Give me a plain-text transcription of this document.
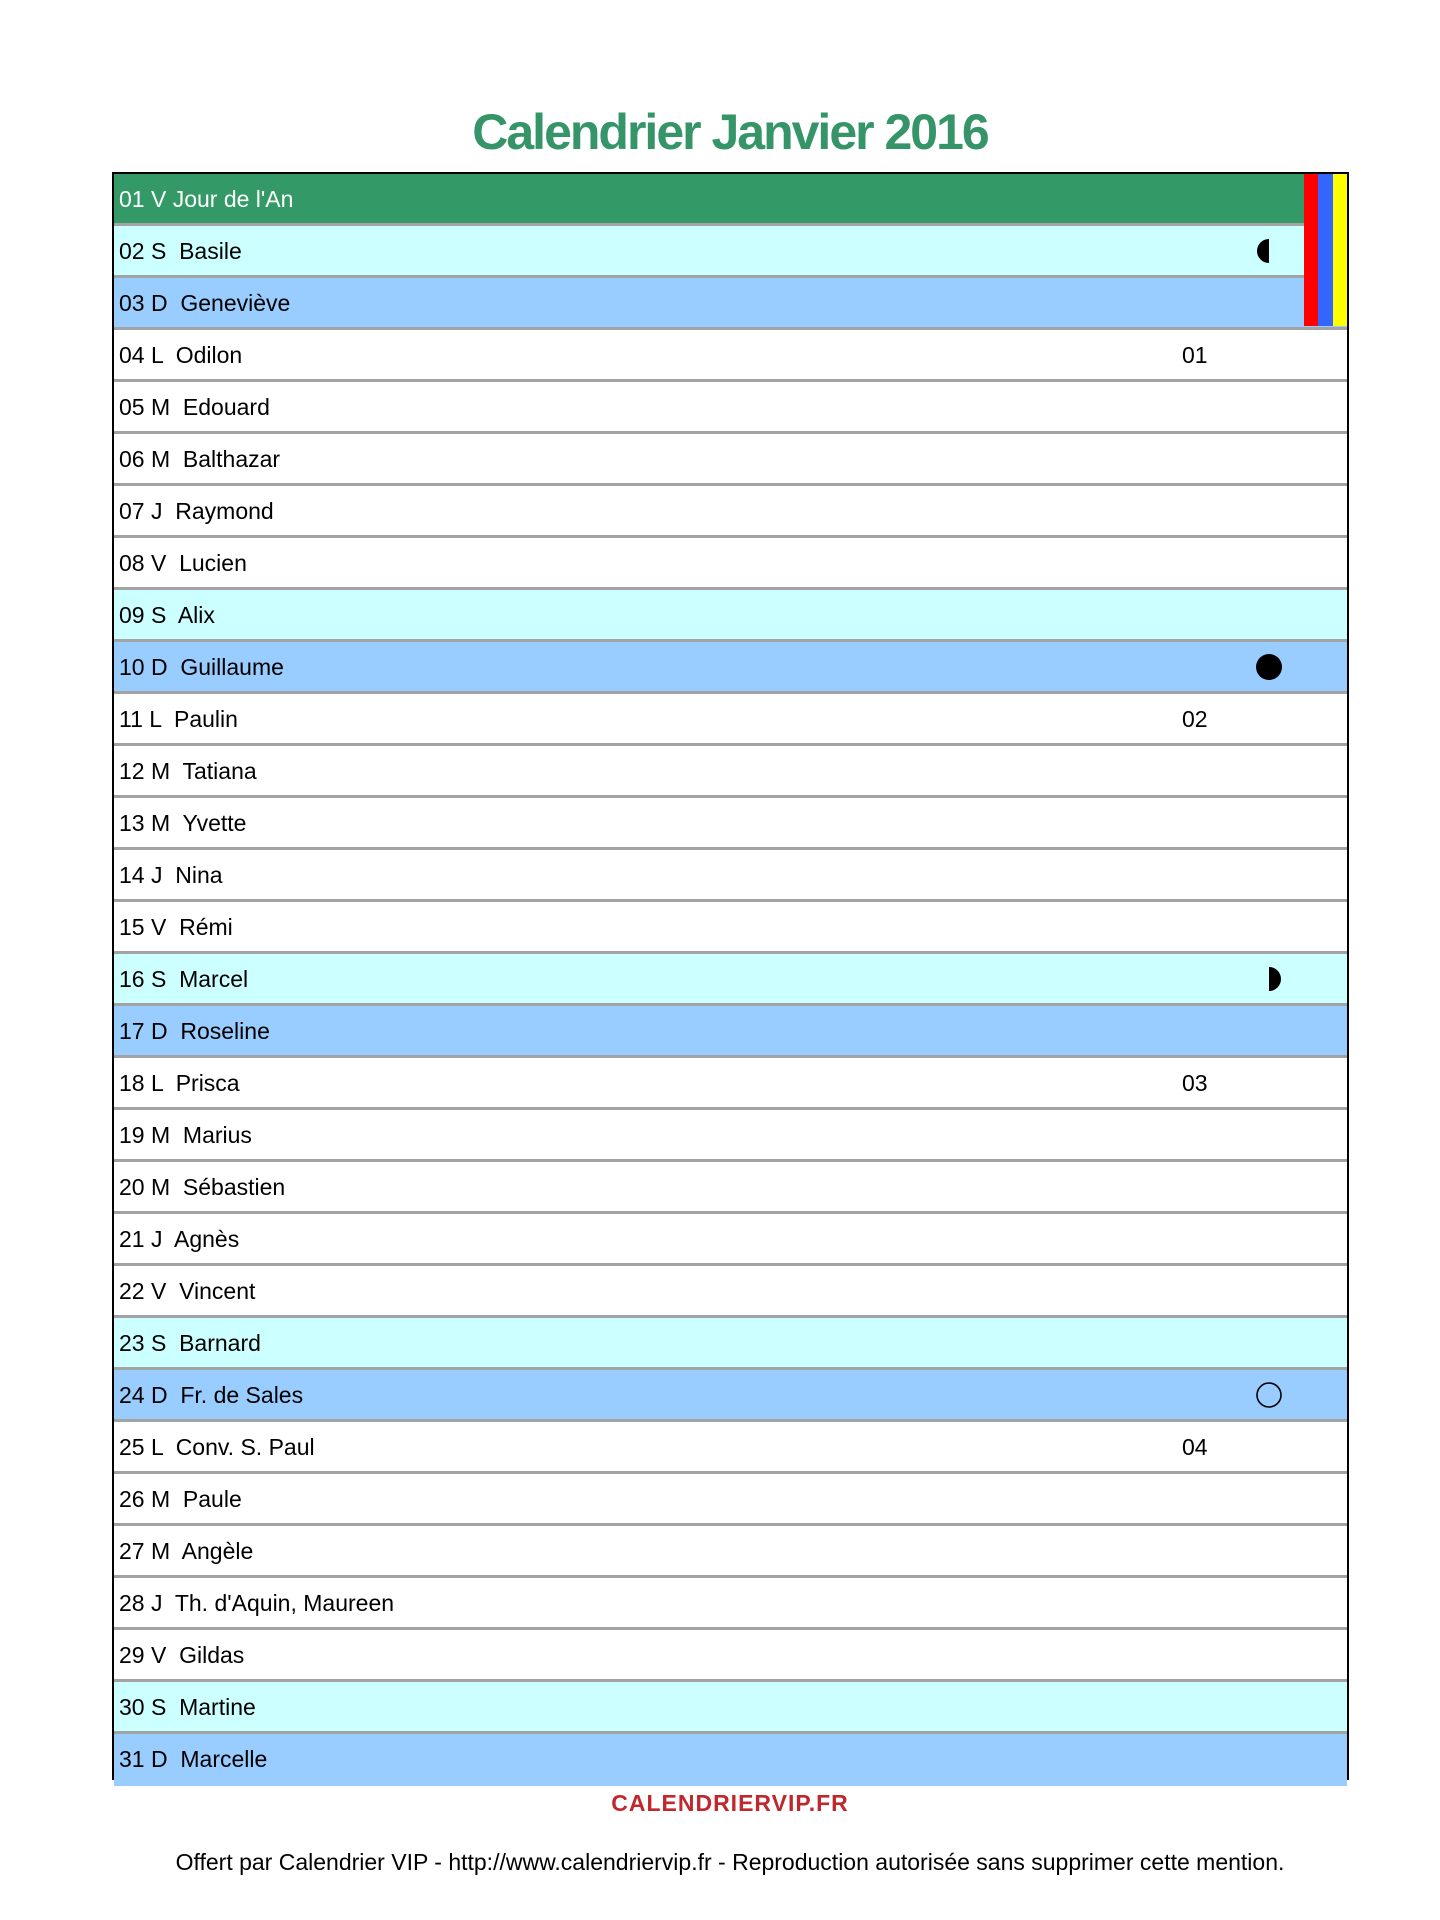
Calendrier Janvier 2016
01 V Jour de l'An
02 S  Basile
03 D  Geneviève
04 L  Odilon	01
05 M  Edouard
06 M  Balthazar
07 J  Raymond
08 V  Lucien
09 S  Alix
10 D  Guillaume
11 L  Paulin	02
12 M  Tatiana
13 M  Yvette
14 J  Nina
15 V  Rémi
16 S  Marcel
17 D  Roseline
18 L  Prisca	03
19 M  Marius
20 M  Sébastien
21 J  Agnès
22 V  Vincent
23 S  Barnard
24 D  Fr. de Sales
25 L  Conv. S. Paul	04
26 M  Paule
27 M  Angèle
28 J  Th. d'Aquin, Maureen
29 V  Gildas
30 S  Martine
31 D  Marcelle
CALENDRIERVIP.FR
Offert par Calendrier VIP - http://www.calendriervip.fr - Reproduction autorisée sans supprimer cette mention.
